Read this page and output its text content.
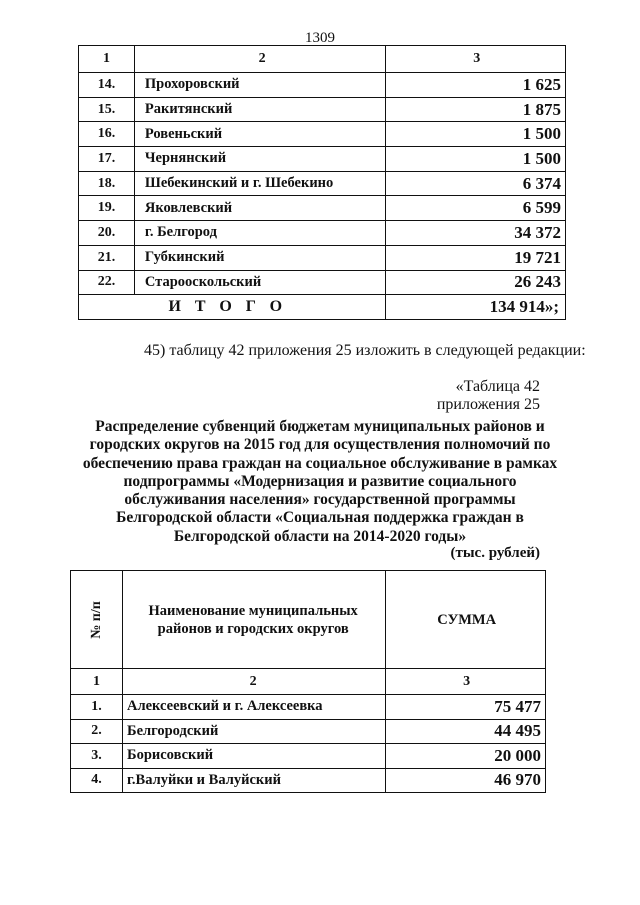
1309
1	2	3
14.	Прохоровский	1 625
15.	Ракитянский	1 875
16.	Ровеньский	1 500
17.	Чернянский	1 500
18.	Шебекинский и г. Шебекино	6 374
19.	Яковлевский	6 599
20.	г. Белгород	34 372
21.	Губкинский	19 721
22.	Старооскольский	26 243
ИТОГО		134 914»;
45) таблицу 42 приложения 25 изложить в следующей редакции:
«Таблица 42
приложения 25
Распределение субвенций бюджетам муниципальных районов и
городских округов на 2015 год для осуществления полномочий по
обеспечению права граждан на социальное обслуживание в рамках
подпрограммы «Модернизация и развитие социального
обслуживания населения» государственной программы
Белгородской области «Социальная поддержка граждан в
Белгородской области на 2014-2020 годы»
(тыс. рублей)
№ п/п	Наименование муниципальных
районов и городских округов	СУММА
1	2	3
1.	Алексеевский и г. Алексеевка	75 477
2.	Белгородский	44 495
3.	Борисовский	20 000
4.	г.Валуйки и Валуйский	46 970
